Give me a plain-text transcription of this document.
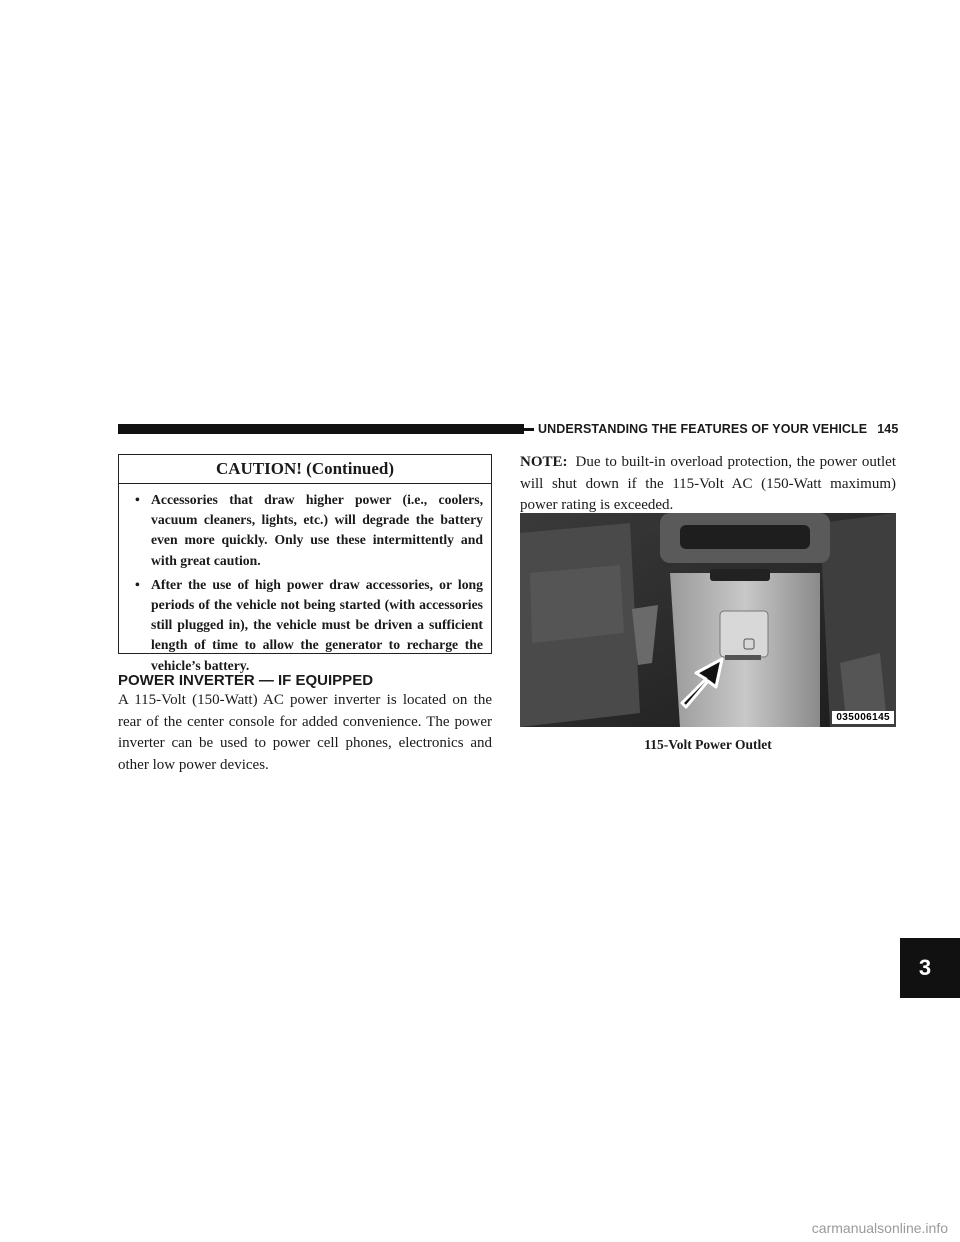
UNDERSTANDING THE FEATURES OF YOUR VEHICLE 145
CAUTION! (Continued)
• Accessories that draw higher power (i.e., coolers, vacuum cleaners, lights, etc.) will degrade the battery even more quickly. Only use these intermittently and with great caution.
• After the use of high power draw accessories, or long periods of the vehicle not being started (with accessories still plugged in), the vehicle must be driven a sufficient length of time to allow the generator to recharge the vehicle’s battery.
POWER INVERTER — IF EQUIPPED
A 115-Volt (150-Watt) AC power inverter is located on the rear of the center console for added convenience. The power inverter can be used to power cell phones, electronics and other low power devices.
NOTE: Due to built-in overload protection, the power outlet will shut down if the 115-Volt AC (150-Watt maximum) power rating is exceeded.
035006145
115-Volt Power Outlet
3
carmanualsonline.info
